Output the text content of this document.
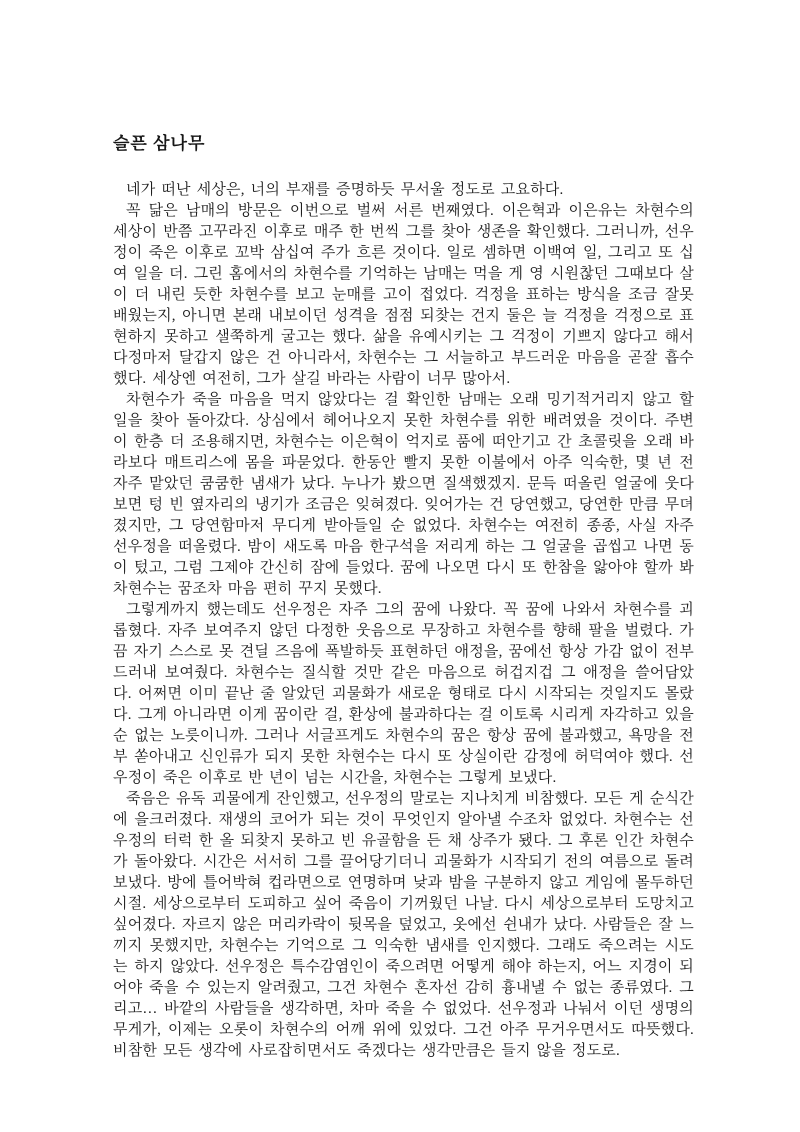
슬픈 삼나무

네가 떠난 세상은, 너의 부재를 증명하듯 무서울 정도로 고요하다.

꼭 닮은 남매의 방문은 이번으로 벌써 서른 번째였다. 이은혁과 이은유는 차현수의 세상이 반쯤 고꾸라진 이후로 매주 한 번씩 그를 찾아 생존을 확인했다. 그러니까, 선우정이 죽은 이후로 꼬박 삼십여 주가 흐른 것이다. 일로 셈하면 이백여 일, 그리고 또 십여 일을 더. 그린 홈에서의 차현수를 기억하는 남매는 먹을 게 영 시원찮던 그때보다 살이 더 내린 듯한 차현수를 보고 눈매를 고이 접었다. 걱정을 표하는 방식을 조금 잘못 배웠는지, 아니면 본래 내보이던 성격을 점점 되찾는 건지 둘은 늘 걱정을 걱정으로 표현하지 못하고 샐쭉하게 굴고는 했다. 삶을 유예시키는 그 걱정이 기쁘지 않다고 해서 다정마저 달갑지 않은 건 아니라서, 차현수는 그 서늘하고 부드러운 마음을 곧잘 흡수했다. 세상엔 여전히, 그가 살길 바라는 사람이 너무 많아서.

차현수가 죽을 마음을 먹지 않았다는 걸 확인한 남매는 오래 밍기적거리지 않고 할 일을 찾아 돌아갔다. 상심에서 헤어나오지 못한 차현수를 위한 배려였을 것이다. 주변이 한층 더 조용해지면, 차현수는 이은혁이 억지로 품에 떠안기고 간 초콜릿을 오래 바라보다 매트리스에 몸을 파묻었다. 한동안 빨지 못한 이불에서 아주 익숙한, 몇 년 전 자주 맡았던 쿰쿰한 냄새가 났다. 누나가 봤으면 질색했겠지. 문득 떠올린 얼굴에 웃다 보면 텅 빈 옆자리의 냉기가 조금은 잊혀졌다. 잊어가는 건 당연했고, 당연한 만큼 무뎌졌지만, 그 당연함마저 무디게 받아들일 순 없었다. 차현수는 여전히 종종, 사실 자주 선우정을 떠올렸다. 밤이 새도록 마음 한구석을 저리게 하는 그 얼굴을 곱씹고 나면 동이 텄고, 그럼 그제야 간신히 잠에 들었다. 꿈에 나오면 다시 또 한참을 앓아야 할까 봐 차현수는 꿈조차 마음 편히 꾸지 못했다.

그렇게까지 했는데도 선우정은 자주 그의 꿈에 나왔다. 꼭 꿈에 나와서 차현수를 괴롭혔다. 자주 보여주지 않던 다정한 웃음으로 무장하고 차현수를 향해 팔을 벌렸다. 가끔 자기 스스로 못 견딜 즈음에 폭발하듯 표현하던 애정을, 꿈에선 항상 가감 없이 전부 드러내 보여줬다. 차현수는 질식할 것만 같은 마음으로 허겁지겁 그 애정을 쓸어담았다. 어쩌면 이미 끝난 줄 알았던 괴물화가 새로운 형태로 다시 시작되는 것일지도 몰랐다. 그게 아니라면 이게 꿈이란 걸, 환상에 불과하다는 걸 이토록 시리게 자각하고 있을 순 없는 노릇이니까. 그러나 서글프게도 차현수의 꿈은 항상 꿈에 불과했고, 욕망을 전부 쏟아내고 신인류가 되지 못한 차현수는 다시 또 상실이란 감정에 허덕여야 했다. 선우정이 죽은 이후로 반 년이 넘는 시간을, 차현수는 그렇게 보냈다.

죽음은 유독 괴물에게 잔인했고, 선우정의 말로는 지나치게 비참했다. 모든 게 순식간에 을크러졌다. 재생의 코어가 되는 것이 무엇인지 알아낼 수조차 없었다. 차현수는 선우정의 터럭 한 올 되찾지 못하고 빈 유골함을 든 채 상주가 됐다. 그 후론 인간 차현수가 돌아왔다. 시간은 서서히 그를 끌어당기더니 괴물화가 시작되기 전의 여름으로 돌려보냈다. 방에 틀어박혀 컵라면으로 연명하며 낮과 밤을 구분하지 않고 게임에 몰두하던 시절. 세상으로부터 도피하고 싶어 죽음이 기꺼웠던 나날. 다시 세상으로부터 도망치고 싶어졌다. 자르지 않은 머리카락이 뒷목을 덮었고, 옷에선 쉰내가 났다. 사람들은 잘 느끼지 못했지만, 차현수는 기억으로 그 익숙한 냄새를 인지했다. 그래도 죽으려는 시도는 하지 않았다. 선우정은 특수감염인이 죽으려면 어떻게 해야 하는지, 어느 지경이 되어야 죽을 수 있는지 알려줬고, 그건 차현수 혼자선 감히 흉내낼 수 없는 종류였다. 그리고… 바깥의 사람들을 생각하면, 차마 죽을 수 없었다. 선우정과 나눠서 이던 생명의 무게가, 이제는 오롯이 차현수의 어깨 위에 있었다. 그건 아주 무거우면서도 따뜻했다. 비참한 모든 생각에 사로잡히면서도 죽겠다는 생각만큼은 들지 않을 정도로.
